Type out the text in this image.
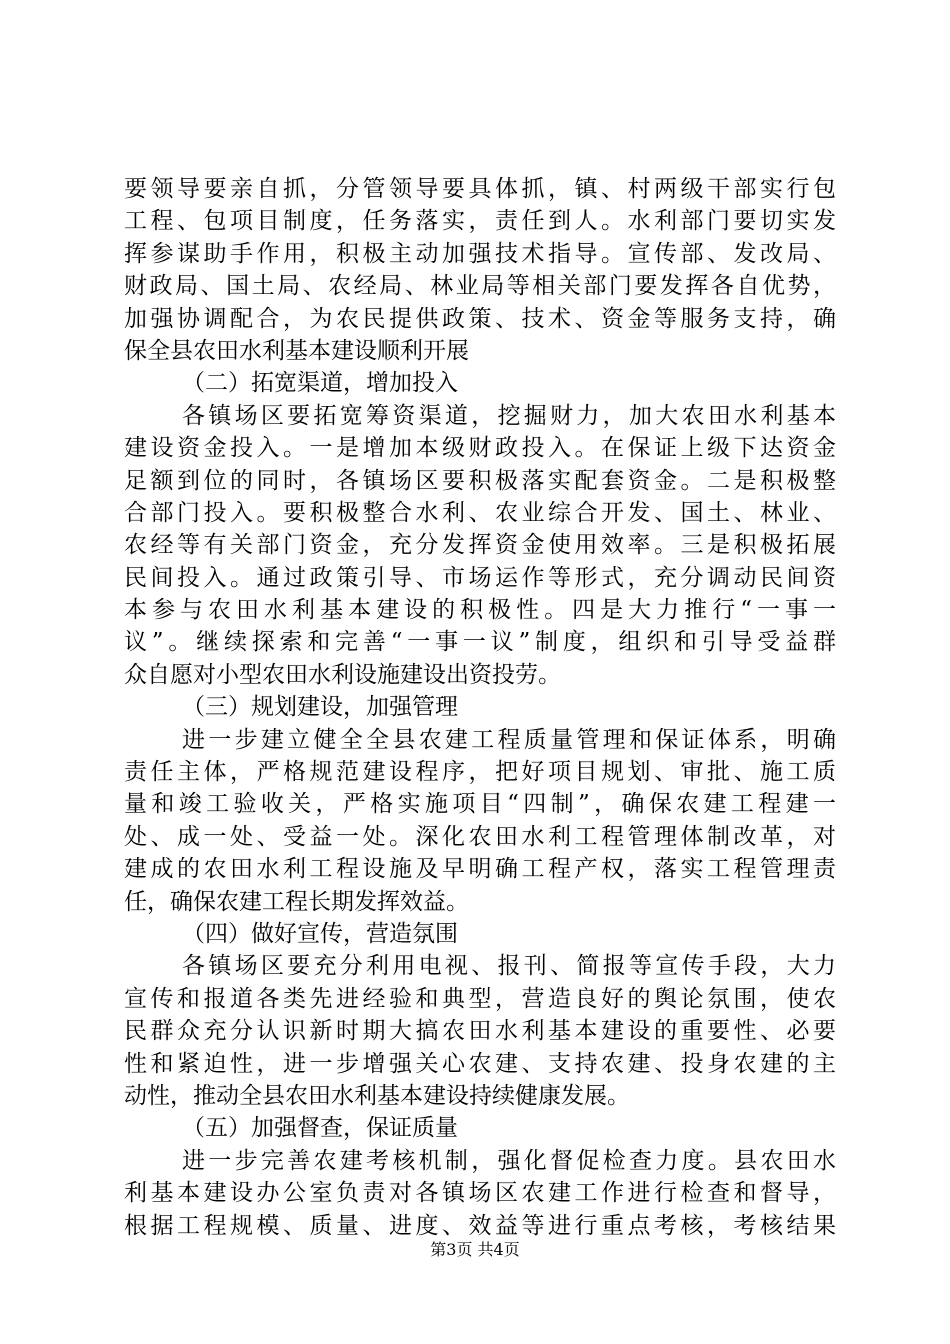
要领导要亲自抓，分管领导要具体抓，镇、村两级干部实行包
工程、包项目制度，任务落实，责任到人。水利部门要切实发
挥参谋助手作用，积极主动加强技术指导。宣传部、发改局、
财政局、国土局、农经局、林业局等相关部门要发挥各自优势，
加强协调配合，为农民提供政策、技术、资金等服务支持，确
保全县农田水利基本建设顺利开展
（二）拓宽渠道，增加投入
各镇场区要拓宽筹资渠道，挖掘财力，加大农田水利基本
建设资金投入。一是增加本级财政投入。在保证上级下达资金
足额到位的同时，各镇场区要积极落实配套资金。二是积极整
合部门投入。要积极整合水利、农业综合开发、国土、林业、
农经等有关部门资金，充分发挥资金使用效率。三是积极拓展
民间投入。通过政策引导、市场运作等形式，充分调动民间资
本参与农田水利基本建设的积极性。四是大力推行“一事一
议”。继续探索和完善“一事一议”制度，组织和引导受益群
众自愿对小型农田水利设施建设出资投劳。
（三）规划建设，加强管理
进一步建立健全全县农建工程质量管理和保证体系，明确
责任主体，严格规范建设程序，把好项目规划、审批、施工质
量和竣工验收关，严格实施项目“四制”，确保农建工程建一
处、成一处、受益一处。深化农田水利工程管理体制改革，对
建成的农田水利工程设施及早明确工程产权，落实工程管理责
任，确保农建工程长期发挥效益。
（四）做好宣传，营造氛围
各镇场区要充分利用电视、报刊、简报等宣传手段，大力
宣传和报道各类先进经验和典型，营造良好的舆论氛围，使农
民群众充分认识新时期大搞农田水利基本建设的重要性、必要
性和紧迫性，进一步增强关心农建、支持农建、投身农建的主
动性，推动全县农田水利基本建设持续健康发展。
（五）加强督查，保证质量
进一步完善农建考核机制，强化督促检查力度。县农田水
利基本建设办公室负责对各镇场区农建工作进行检查和督导，
根据工程规模、质量、进度、效益等进行重点考核，考核结果
第3页 共4页
